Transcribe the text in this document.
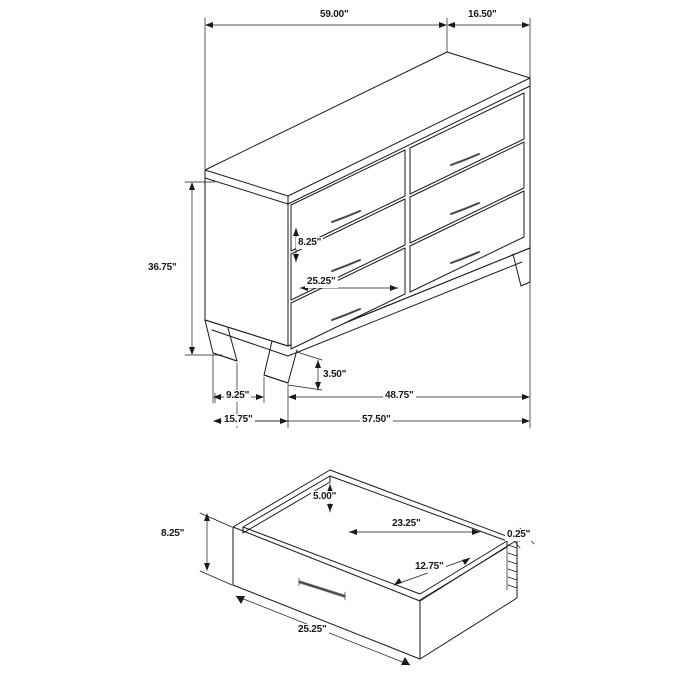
59.00"	16.50"
36.75"
8.25"
25.25"
3.50"
9.25"
15.75"
48.75"
57.50"
5.00"
8.25"
23.25"
12.75"
0.25"
25.25"
